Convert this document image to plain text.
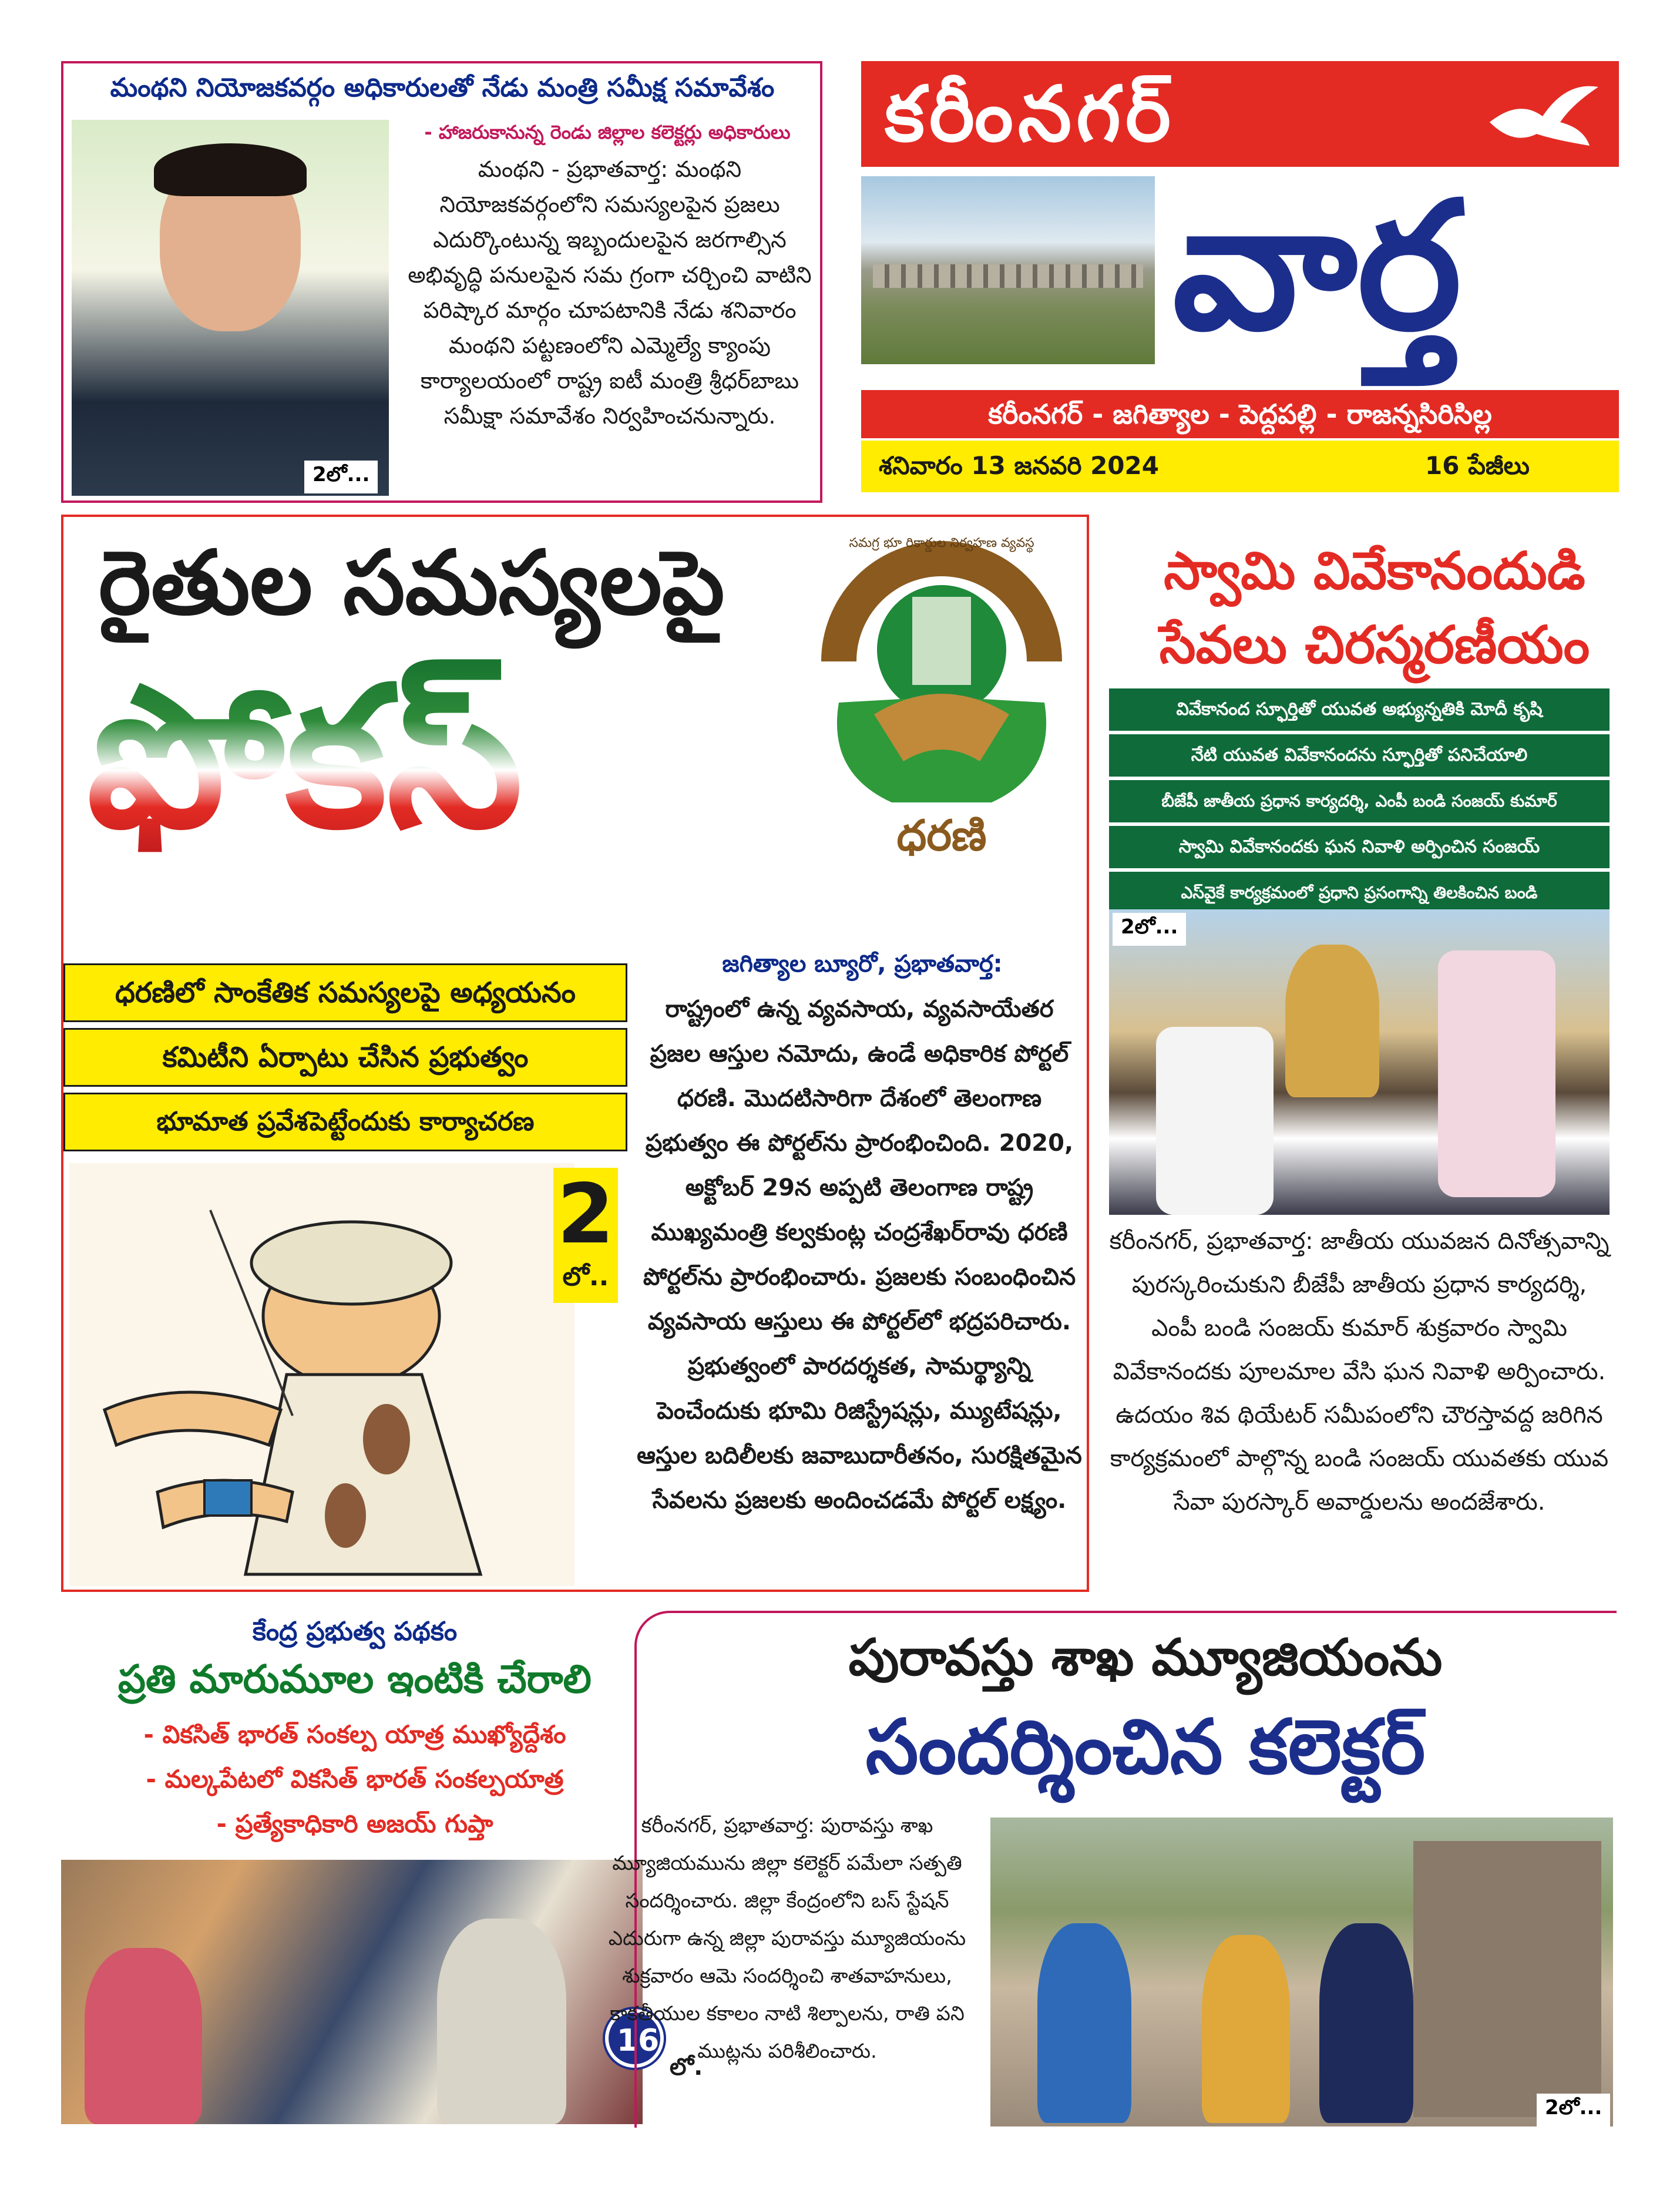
మంథని నియోజకవర్గం అధికారులతో నేడు మంత్రి సమీక్ష సమావేశం
2లో...
- హాజరుకానున్న రెండు జిల్లాల కలెక్టర్లు అధికారులు
మంథని - ప్రభాతవార్త: మంథని నియోజకవర్గంలోని సమస్యలపైన ప్రజలు ఎదుర్కొంటున్న ఇబ్బందులపైన జరగాల్సిన అభివృద్ధి పనులపైన సమ గ్రంగా చర్చించి వాటిని పరిష్కార మార్గం చూపటానికి నేడు శనివారం మంథని పట్టణంలోని ఎమ్మెల్యే క్యాంపు కార్యాలయంలో రాష్ట్ర ఐటీ మంత్రి శ్రీధర్‌బాబు సమీక్షా సమావేశం నిర్వహించనున్నారు.
కరీంనగర్
వార్త
కరీంనగర్ - జగిత్యాల - పెద్దపల్లి - రాజన్నసిరిసిల్ల
శనివారం 13 జనవరి 2024	16 పేజీలు
రైతుల సమస్యలపై
ఫోకస్
సమగ్ర భూ రికార్డుల నిర్వహణ వ్యవస్థ
ధరణి
ధరణిలో సాంకేతిక సమస్యలపై అధ్యయనం
కమిటీని ఏర్పాటు చేసిన ప్రభుత్వం
భూమాత ప్రవేశపెట్టేందుకు కార్యాచరణ
2
లో..
జగిత్యాల బ్యూరో, ప్రభాతవార్త:
రాష్ట్రంలో ఉన్న వ్యవసాయ, వ్యవసాయేతర ప్రజల ఆస్తుల నమోదు, ఉండే అధికారిక పోర్టల్ ధరణి. మొదటిసారిగా దేశంలో తెలంగాణ ప్రభుత్వం ఈ పోర్టల్‌ను ప్రారంభించింది. 2020, అక్టోబర్ 29న అప్పటి తెలంగాణ రాష్ట్ర ముఖ్యమంత్రి కల్వకుంట్ల చంద్రశేఖర్‌రావు ధరణి పోర్టల్‌ను ప్రారంభించారు. ప్రజలకు సంబంధించిన వ్యవసాయ ఆస్తులు ఈ పోర్టల్‌లో భద్రపరిచారు. ప్రభుత్వంలో పారదర్శకత, సామర్థ్యాన్ని పెంచేందుకు భూమి రిజిస్ట్రేషన్లు, మ్యుటేషన్లు, ఆస్తుల బదిలీలకు జవాబుదారీతనం, సురక్షితమైన సేవలను ప్రజలకు అందించడమే పోర్టల్ లక్ష్యం.
స్వామి వివేకానందుడి
సేవలు చిరస్మరణీయం
వివేకానంద స్ఫూర్తితో యువత అభ్యున్నతికి మోదీ కృషి
నేటి యువత వివేకానందను స్ఫూర్తితో పనిచేయాలి
బీజేపీ జాతీయ ప్రధాన కార్యదర్శి, ఎంపీ బండి సంజయ్ కుమార్
స్వామి వివేకానందకు ఘన నివాళి అర్పించిన సంజయ్
ఎస్‌వైకే కార్యక్రమంలో ప్రధాని ప్రసంగాన్ని తిలకించిన బండి
2లో...
కరీంనగర్, ప్రభాతవార్త: జాతీయ యువజన దినోత్సవాన్ని పురస్కరించుకుని బీజేపీ జాతీయ ప్రధాన కార్యదర్శి, ఎంపీ బండి సంజయ్ కుమార్ శుక్రవారం స్వామి వివేకానందకు పూలమాల వేసి ఘన నివాళి అర్పించారు. ఉదయం శివ థియేటర్ సమీపంలోని చౌరస్తావద్ద జరిగిన కార్యక్రమంలో పాల్గొన్న బండి సంజయ్ యువతకు యువ సేవా పురస్కార్ అవార్డులను అందజేశారు.
కేంద్ర ప్రభుత్వ పథకం
ప్రతి మారుమూల ఇంటికి చేరాలి
- వికసిత్ భారత్ సంకల్ప యాత్ర ముఖ్యోద్దేశం
- మల్కపేటలో వికసిత్ భారత్ సంకల్పయాత్ర
- ప్రత్యేకాధికారి అజయ్ గుప్తా
16
లో.
పురావస్తు శాఖ మ్యూజియంను
సందర్శించిన కలెక్టర్
కరీంనగర్, ప్రభాతవార్త: పురావస్తు శాఖ మ్యూజియమును జిల్లా కలెక్టర్ పమేలా సత్పతి సందర్శించారు. జిల్లా కేంద్రంలోని బస్ స్టేషన్ ఎదురుగా ఉన్న జిల్లా పురావస్తు మ్యూజియంను శుక్రవారం ఆమె సందర్శించి శాతవాహనులు, కాకతీయుల కకాలం నాటి శిల్పాలను, రాతి పని ముట్లను పరిశీలించారు.
2లో...
